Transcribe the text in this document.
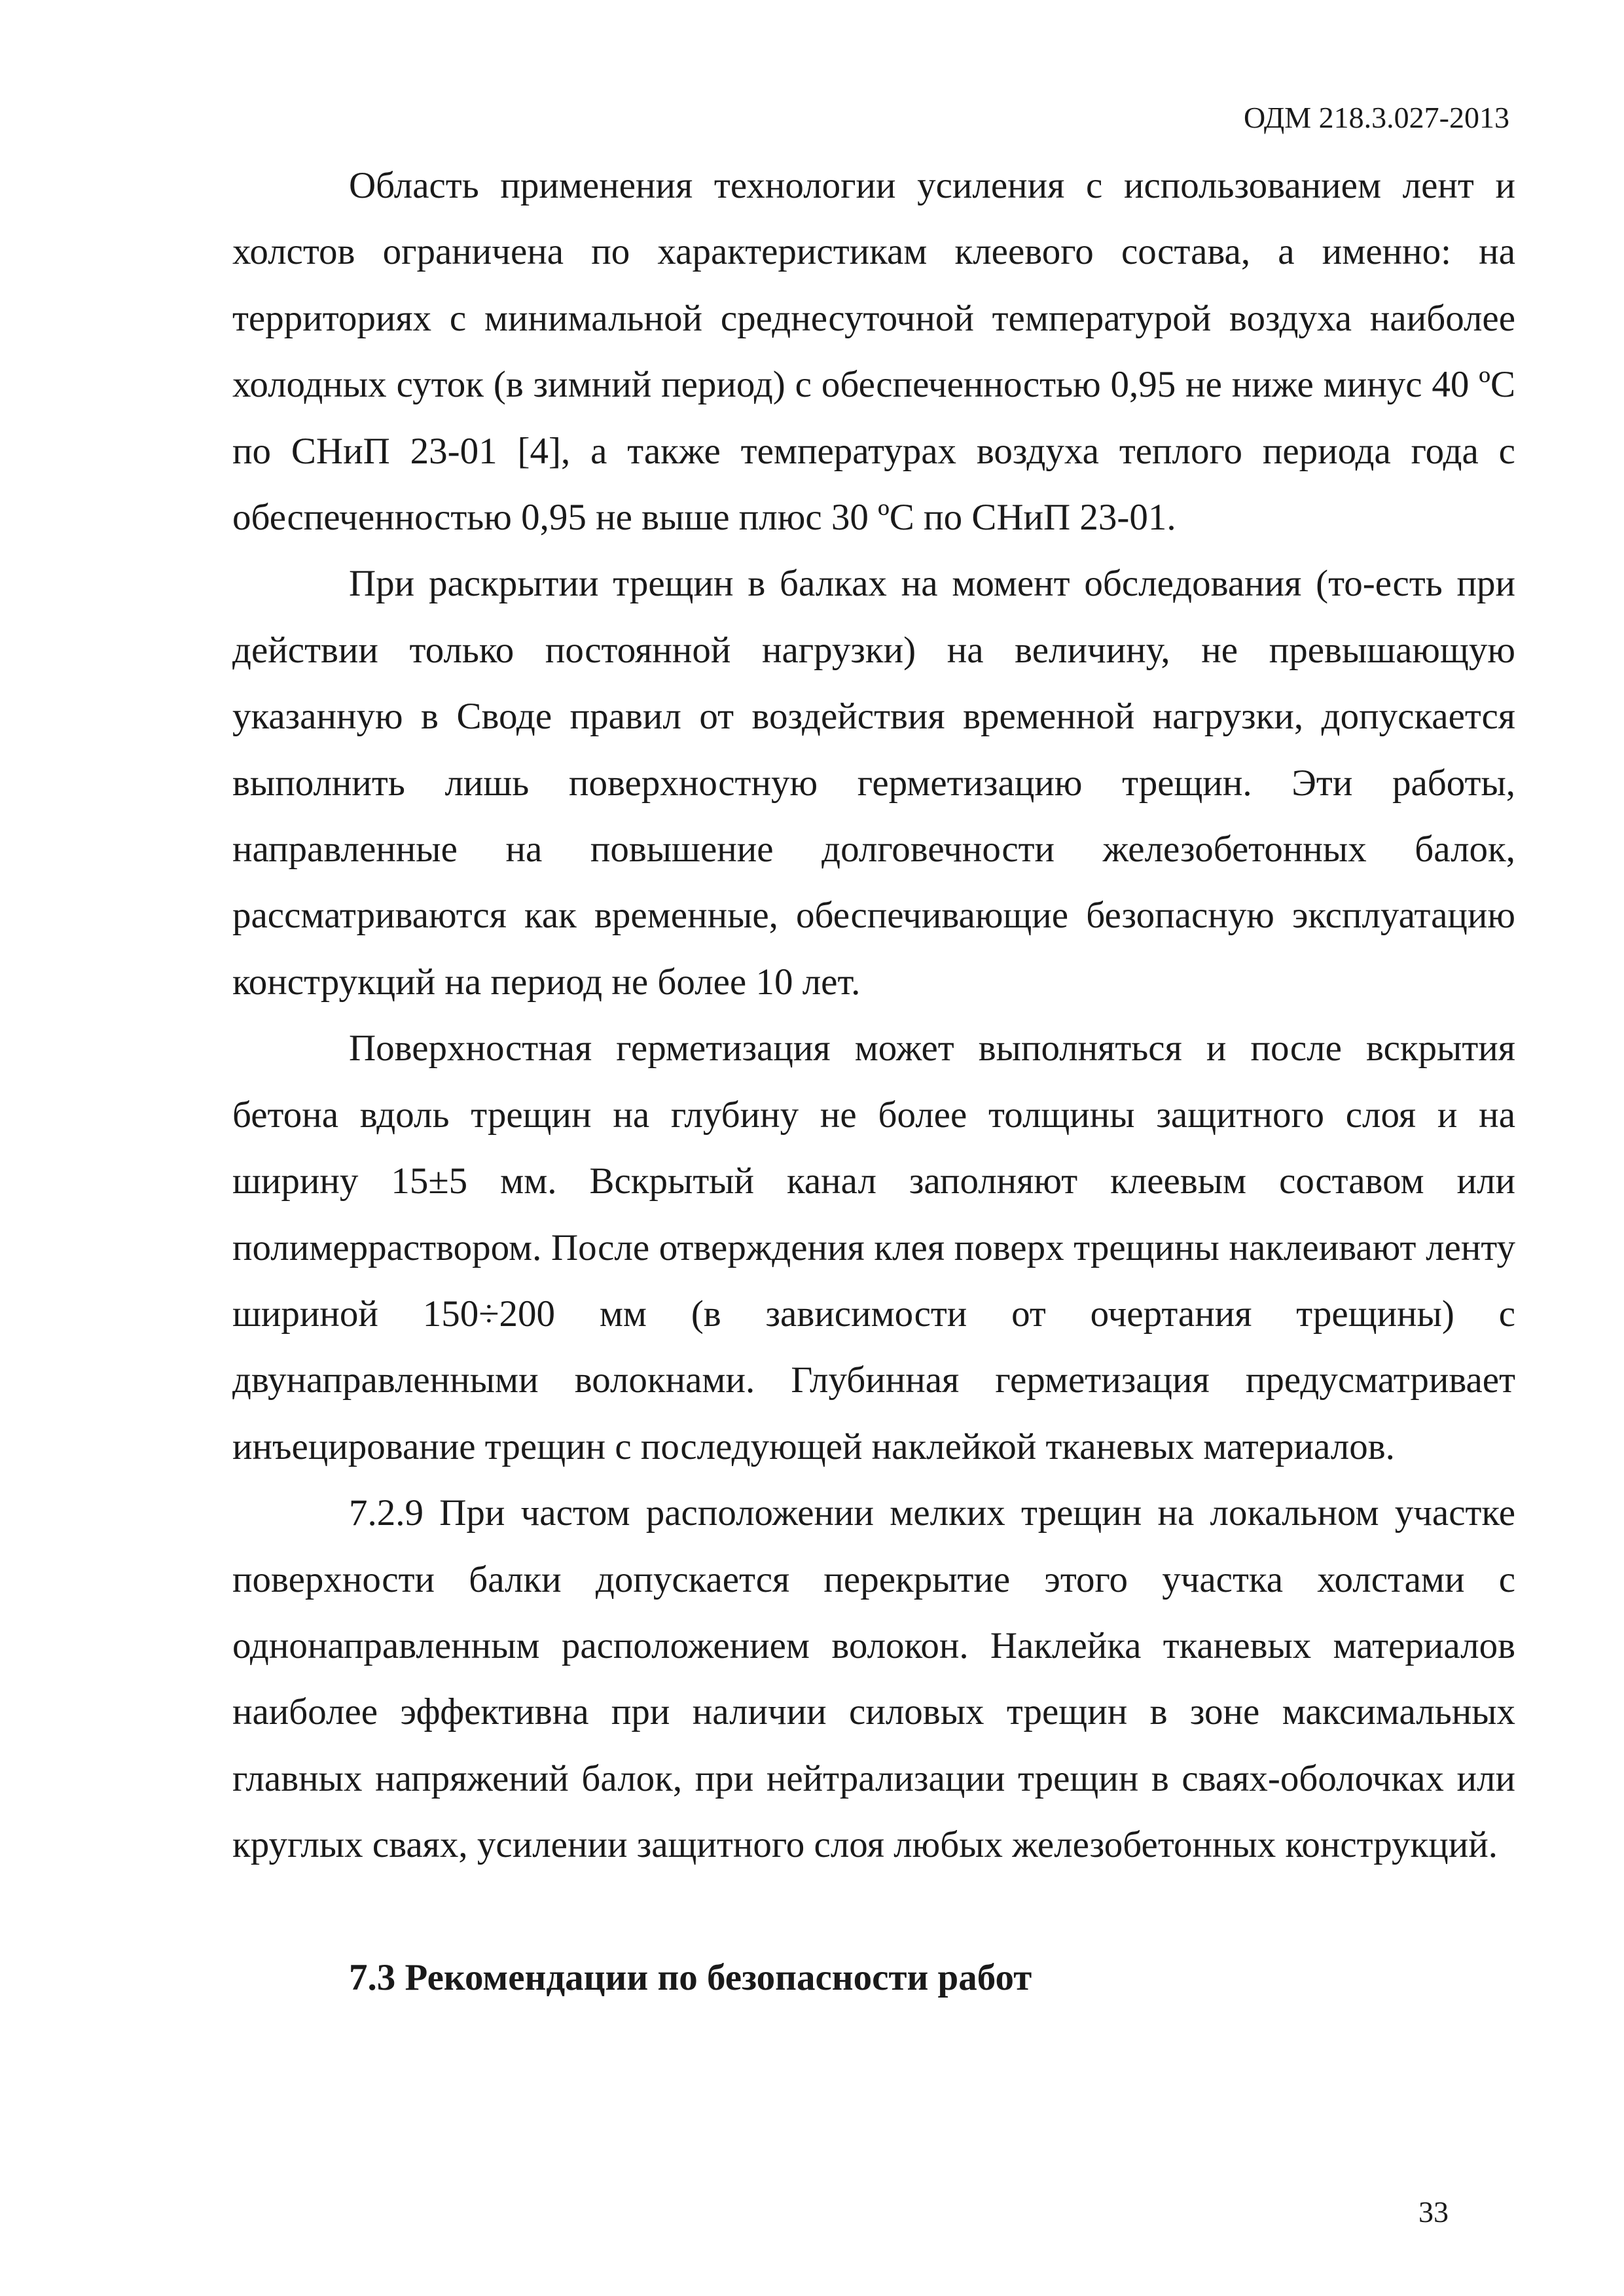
ОДМ 218.3.027-2013

Область применения технологии усиления с использованием лент и холстов ограничена по характеристикам клеевого состава, а именно: на территориях с минимальной среднесуточной температурой воздуха наиболее холодных суток (в зимний период) с обеспеченностью 0,95 не ниже минус 40 ºС по СНиП 23-01 [4], а также температурах воздуха теплого периода года с обеспеченностью 0,95 не выше плюс 30 ºС по СНиП 23-01.

При раскрытии трещин в балках на момент обследования (то-есть при действии только постоянной нагрузки) на величину, не превышающую указанную в Своде правил от воздействия временной нагрузки, допускается выполнить лишь поверхностную герметизацию трещин. Эти работы, направленные на повышение долговечности железобетонных балок, рассматриваются как временные, обеспечивающие безопасную эксплуатацию конструкций на период не более 10 лет.

Поверхностная герметизация может выполняться и после вскрытия бетона вдоль трещин на глубину не более толщины защитного слоя и на ширину 15±5 мм. Вскрытый канал заполняют клеевым составом или полимерраствором. После отверждения клея поверх трещины наклеивают ленту шириной 150÷200 мм (в зависимости от очертания трещины) с двунаправленными волокнами. Глубинная герметизация предусматривает инъецирование трещин с последующей наклейкой тканевых материалов.

7.2.9 При частом расположении мелких трещин на локальном участке поверхности балки допускается перекрытие этого участка холстами с однонаправленным расположением волокон. Наклейка тканевых материалов наиболее эффективна при наличии силовых трещин в зоне максимальных главных напряжений балок, при нейтрализации трещин в сваях-оболочках или круглых сваях, усилении защитного слоя любых железобетонных конструкций.

7.3 Рекомендации по безопасности работ

33
